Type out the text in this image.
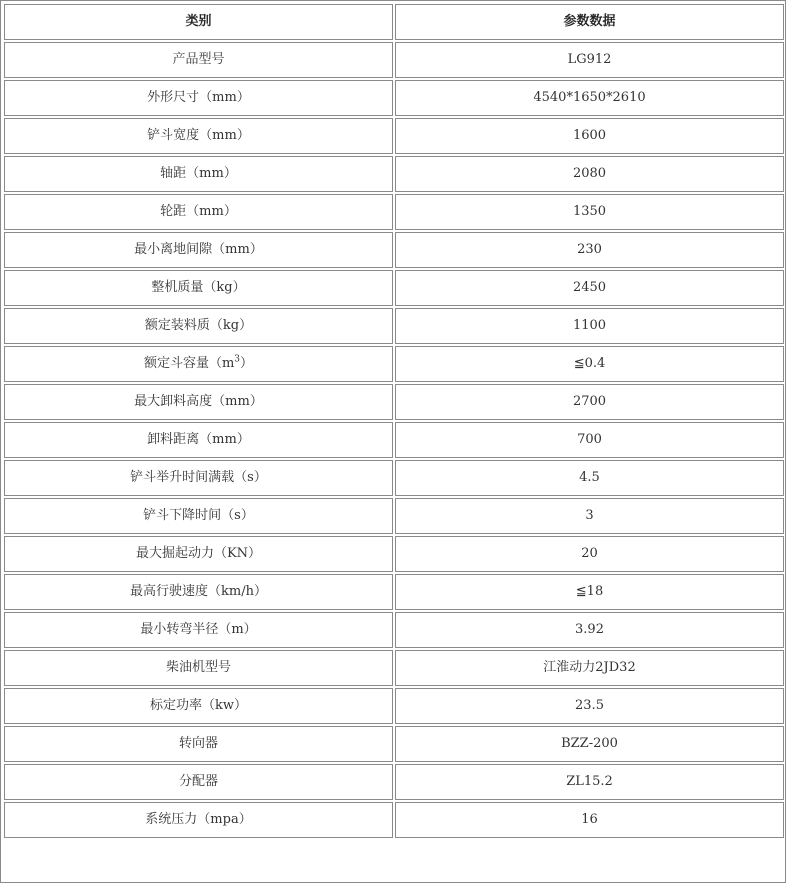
类别	参数数据
产品型号	LG912
外形尺寸（mm）	4540*1650*2610
铲斗宽度（mm）	1600
轴距（mm）	2080
轮距（mm）	1350
最小离地间隙（mm）	230
整机质量（kg）	2450
额定装料质（kg）	1100
额定斗容量$(m^3)$	≦0.4
最大卸料高度（mm）	2700
卸料距离（mm）	700
铲斗举升时间满载（s）	4.5
铲斗下降时间（s）	3
最大掘起动力（KN）	20
最高行驶速度（km/h）	≦18
最小转弯半径（m）	3.92
柴油机型号	江淮动力2JD32
标定功率（kw）	23.5
转向器	BZZ-200
分配器	ZL15.2
系统压力（mpa）	16
